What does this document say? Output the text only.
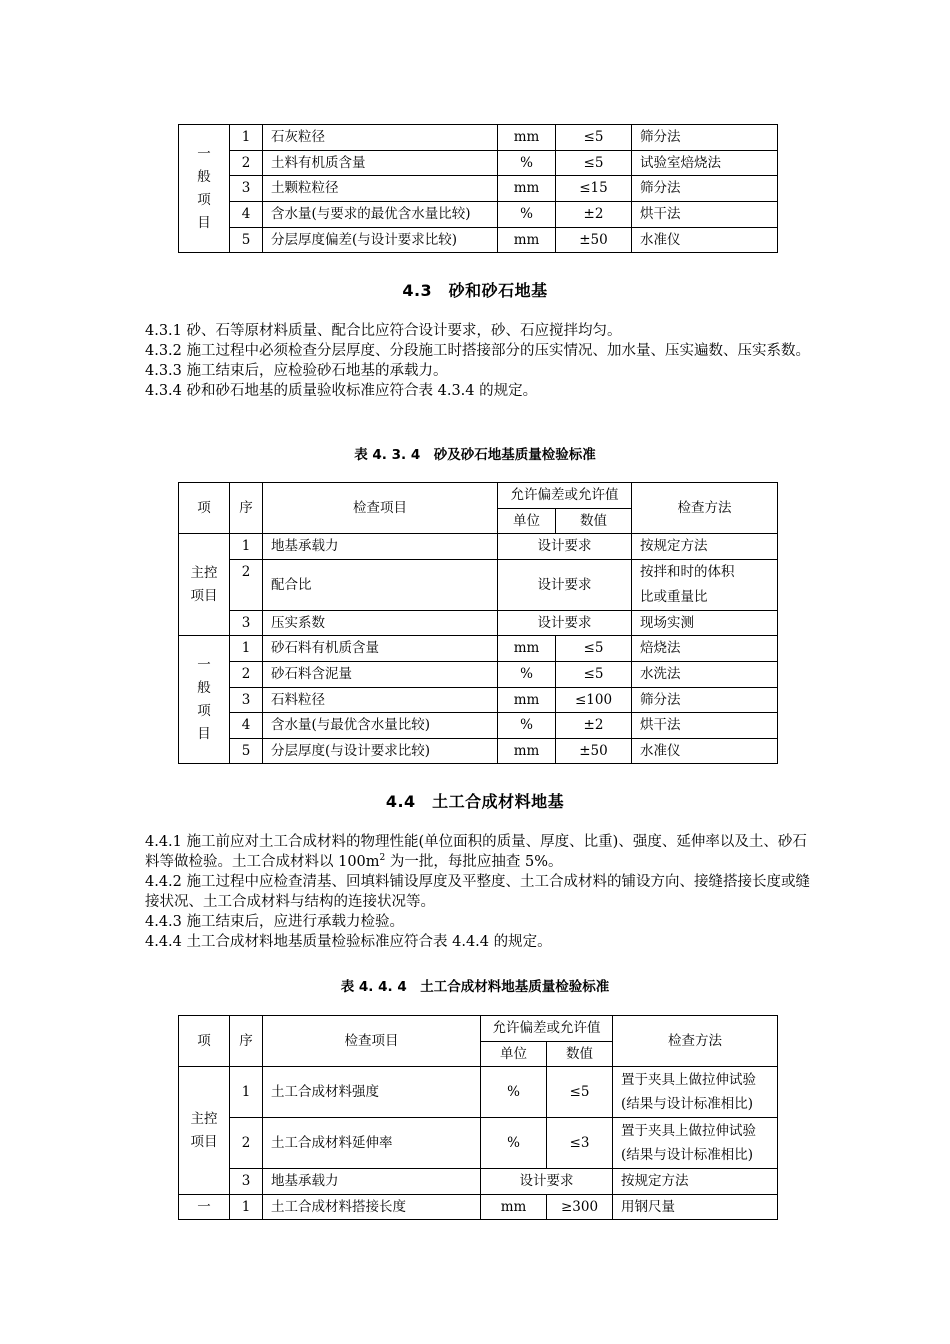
一
般
项
目	1	石灰粒径	mm	≤5	筛分法
	2	土料有机质含量	%	≤5	试验室焙烧法
	3	土颗粒粒径	mm	≤15	筛分法
	4	含水量(与要求的最优含水量比较)	%	±2	烘干法
	5	分层厚度偏差(与设计要求比较)	mm	±50	水准仪
4.3　砂和砂石地基

4.3.1 砂、石等原材料质量、配合比应符合设计要求，砂、石应搅拌均匀。

4.3.2 施工过程中必须检查分层厚度、分段施工时搭接部分的压实情况、加水量、压实遍数、压实系数。

4.3.3 施工结束后，应检验砂石地基的承载力。

4.3.4 砂和砂石地基的质量验收标准应符合表 4.3.4 的规定。

表 4. 3. 4　砂及砂石地基质量检验标准
项	序	检查项目	允许偏差或允许值		检查方法
			单位	数值	
主控
项目	1	地基承载力	设计要求		按规定方法
	2	配合比	设计要求		按拌和时的体积
比或重量比
	3	压实系数	设计要求		现场实测
一
般
项
目	1	砂石料有机质含量	mm	≤5	焙烧法
	2	砂石料含泥量	%	≤5	水洗法
	3	石料粒径	mm	≤100	筛分法
	4	含水量(与最优含水量比较)	%	±2	烘干法
	5	分层厚度(与设计要求比较)	mm	±50	水准仪
4.4　土工合成材料地基

4.4.1 施工前应对土工合成材料的物理性能(单位面积的质量、厚度、比重)、强度、延伸率以及土、砂石料等做检验。土工合成材料以 $100m^2$ 为一批，每批应抽查 5%。

4.4.2 施工过程中应检查清基、回填料铺设厚度及平整度、土工合成材料的铺设方向、接缝搭接长度或缝接状况、土工合成材料与结构的连接状况等。

4.4.3 施工结束后，应进行承载力检验。

4.4.4 土工合成材料地基质量检验标准应符合表 4.4.4 的规定。

表 4. 4. 4　土工合成材料地基质量检验标准
项	序	检查项目	允许偏差或允许值		检查方法
			单位	数值	
主控
项目	1	土工合成材料强度	%	≤5	置于夹具上做拉伸试验
(结果与设计标准相比)
	2	土工合成材料延伸率	%	≤3	置于夹具上做拉伸试验
(结果与设计标准相比)
	3	地基承载力	设计要求		按规定方法
一	1	土工合成材料搭接长度	mm	≥300	用钢尺量
